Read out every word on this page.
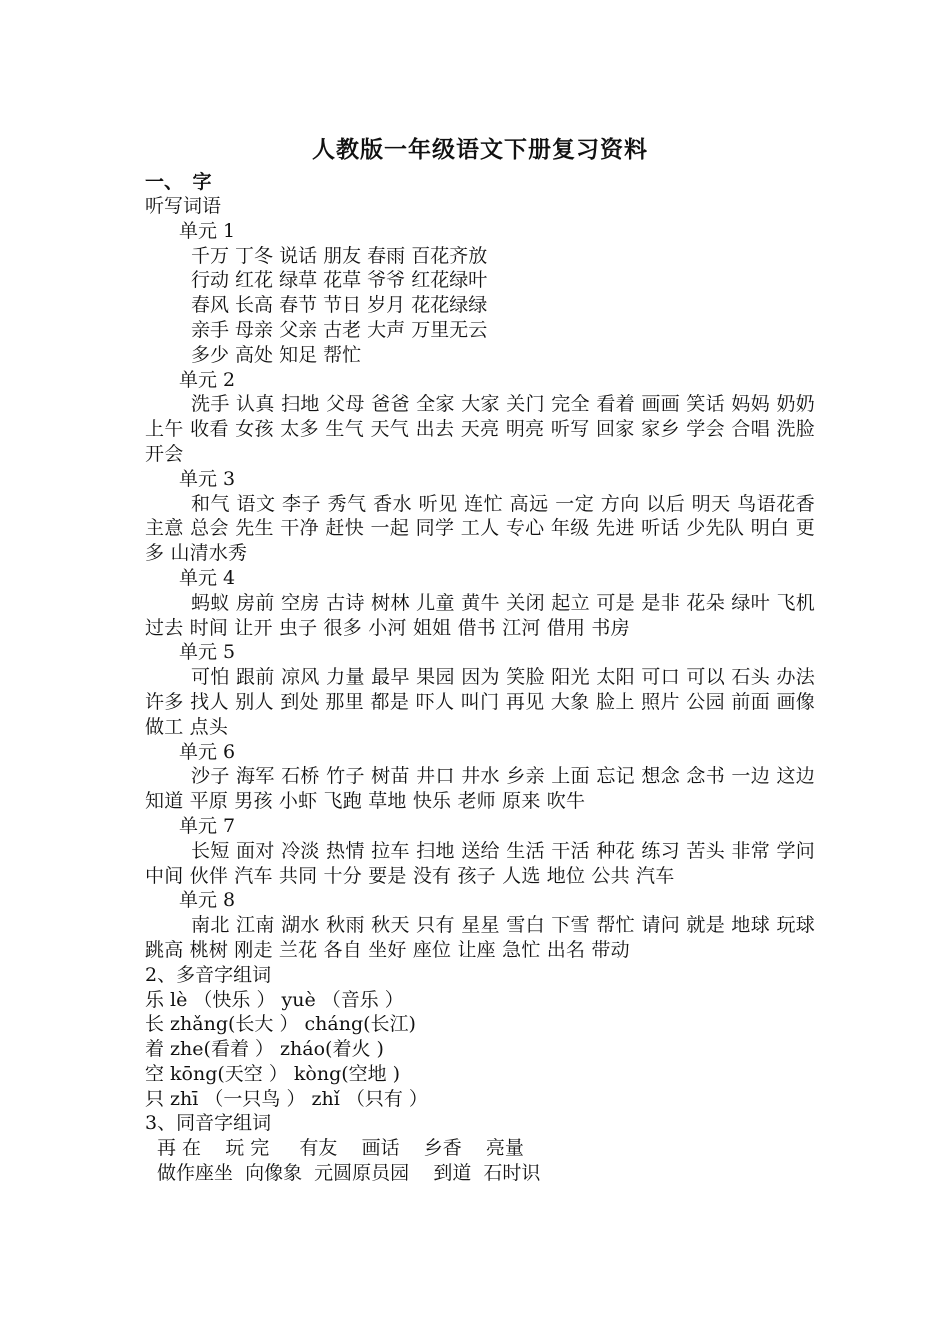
人教版一年级语文下册复习资料
一、　字
听写词语
单元 1
千万 丁冬 说话 朋友 春雨 百花齐放
行动 红花 绿草 花草 爷爷 红花绿叶
春风 长高 春节 节日 岁月 花花绿绿
亲手 母亲 父亲 古老 大声 万里无云
多少 高处 知足 帮忙
单元 2
洗手 认真 扫地 父母 爸爸 全家 大家 关门 完全 看着 画画 笑话 妈妈 奶奶 上午 收看 女孩 太多 生气 天气 出去 天亮 明亮 听写 回家 家乡 学会 合唱 洗脸 开会
单元 3
和气 语文 李子 秀气 香水 听见 连忙 高远 一定 方向 以后 明天 鸟语花香 主意 总会 先生 干净 赶快 一起 同学 工人 专心 年级 先进 听话 少先队 明白 更多 山清水秀
单元 4
蚂蚁 房前 空房 古诗 树林 儿童 黄牛 关闭 起立 可是 是非 花朵 绿叶 飞机 过去 时间 让开 虫子 很多 小河 姐姐 借书 江河 借用 书房
单元 5
可怕 跟前 凉风 力量 最早 果园 因为 笑脸 阳光 太阳 可口 可以 石头 办法 许多 找人 别人 到处 那里 都是 吓人 叫门 再见 大象 脸上 照片 公园 前面 画像 做工 点头
单元 6
沙子 海军 石桥 竹子 树苗 井口 井水 乡亲 上面 忘记 想念 念书 一边 这边 知道 平原 男孩 小虾 飞跑 草地 快乐 老师 原来 吹牛
单元 7
长短 面对 冷淡 热情 拉车 扫地 送给 生活 干活 种花 练习 苦头 非常 学问 中间 伙伴 汽车 共同 十分 要是 没有 孩子 人选 地位 公共 汽车
单元 8
南北 江南 湖水 秋雨 秋天 只有 星星 雪白 下雪 帮忙 请问 就是 地球 玩球 跳高 桃树 刚走 兰花 各自 坐好 座位 让座 急忙 出名 带动
2、多音字组词
乐 lè （快乐 ） yuè （音乐 ）
长 zhǎng(长大 ） cháng(长江)
着 zhe(看着 ） zháo(着火 )
空 kōng(天空 ） kòng(空地 )
只 zhī （一只鸟 ） zhǐ （只有 ）
3、同音字组词
再 在    玩 完     有友    画话    乡香    亮量
做作座坐  向像象  元圆原员园    到道  石时识
